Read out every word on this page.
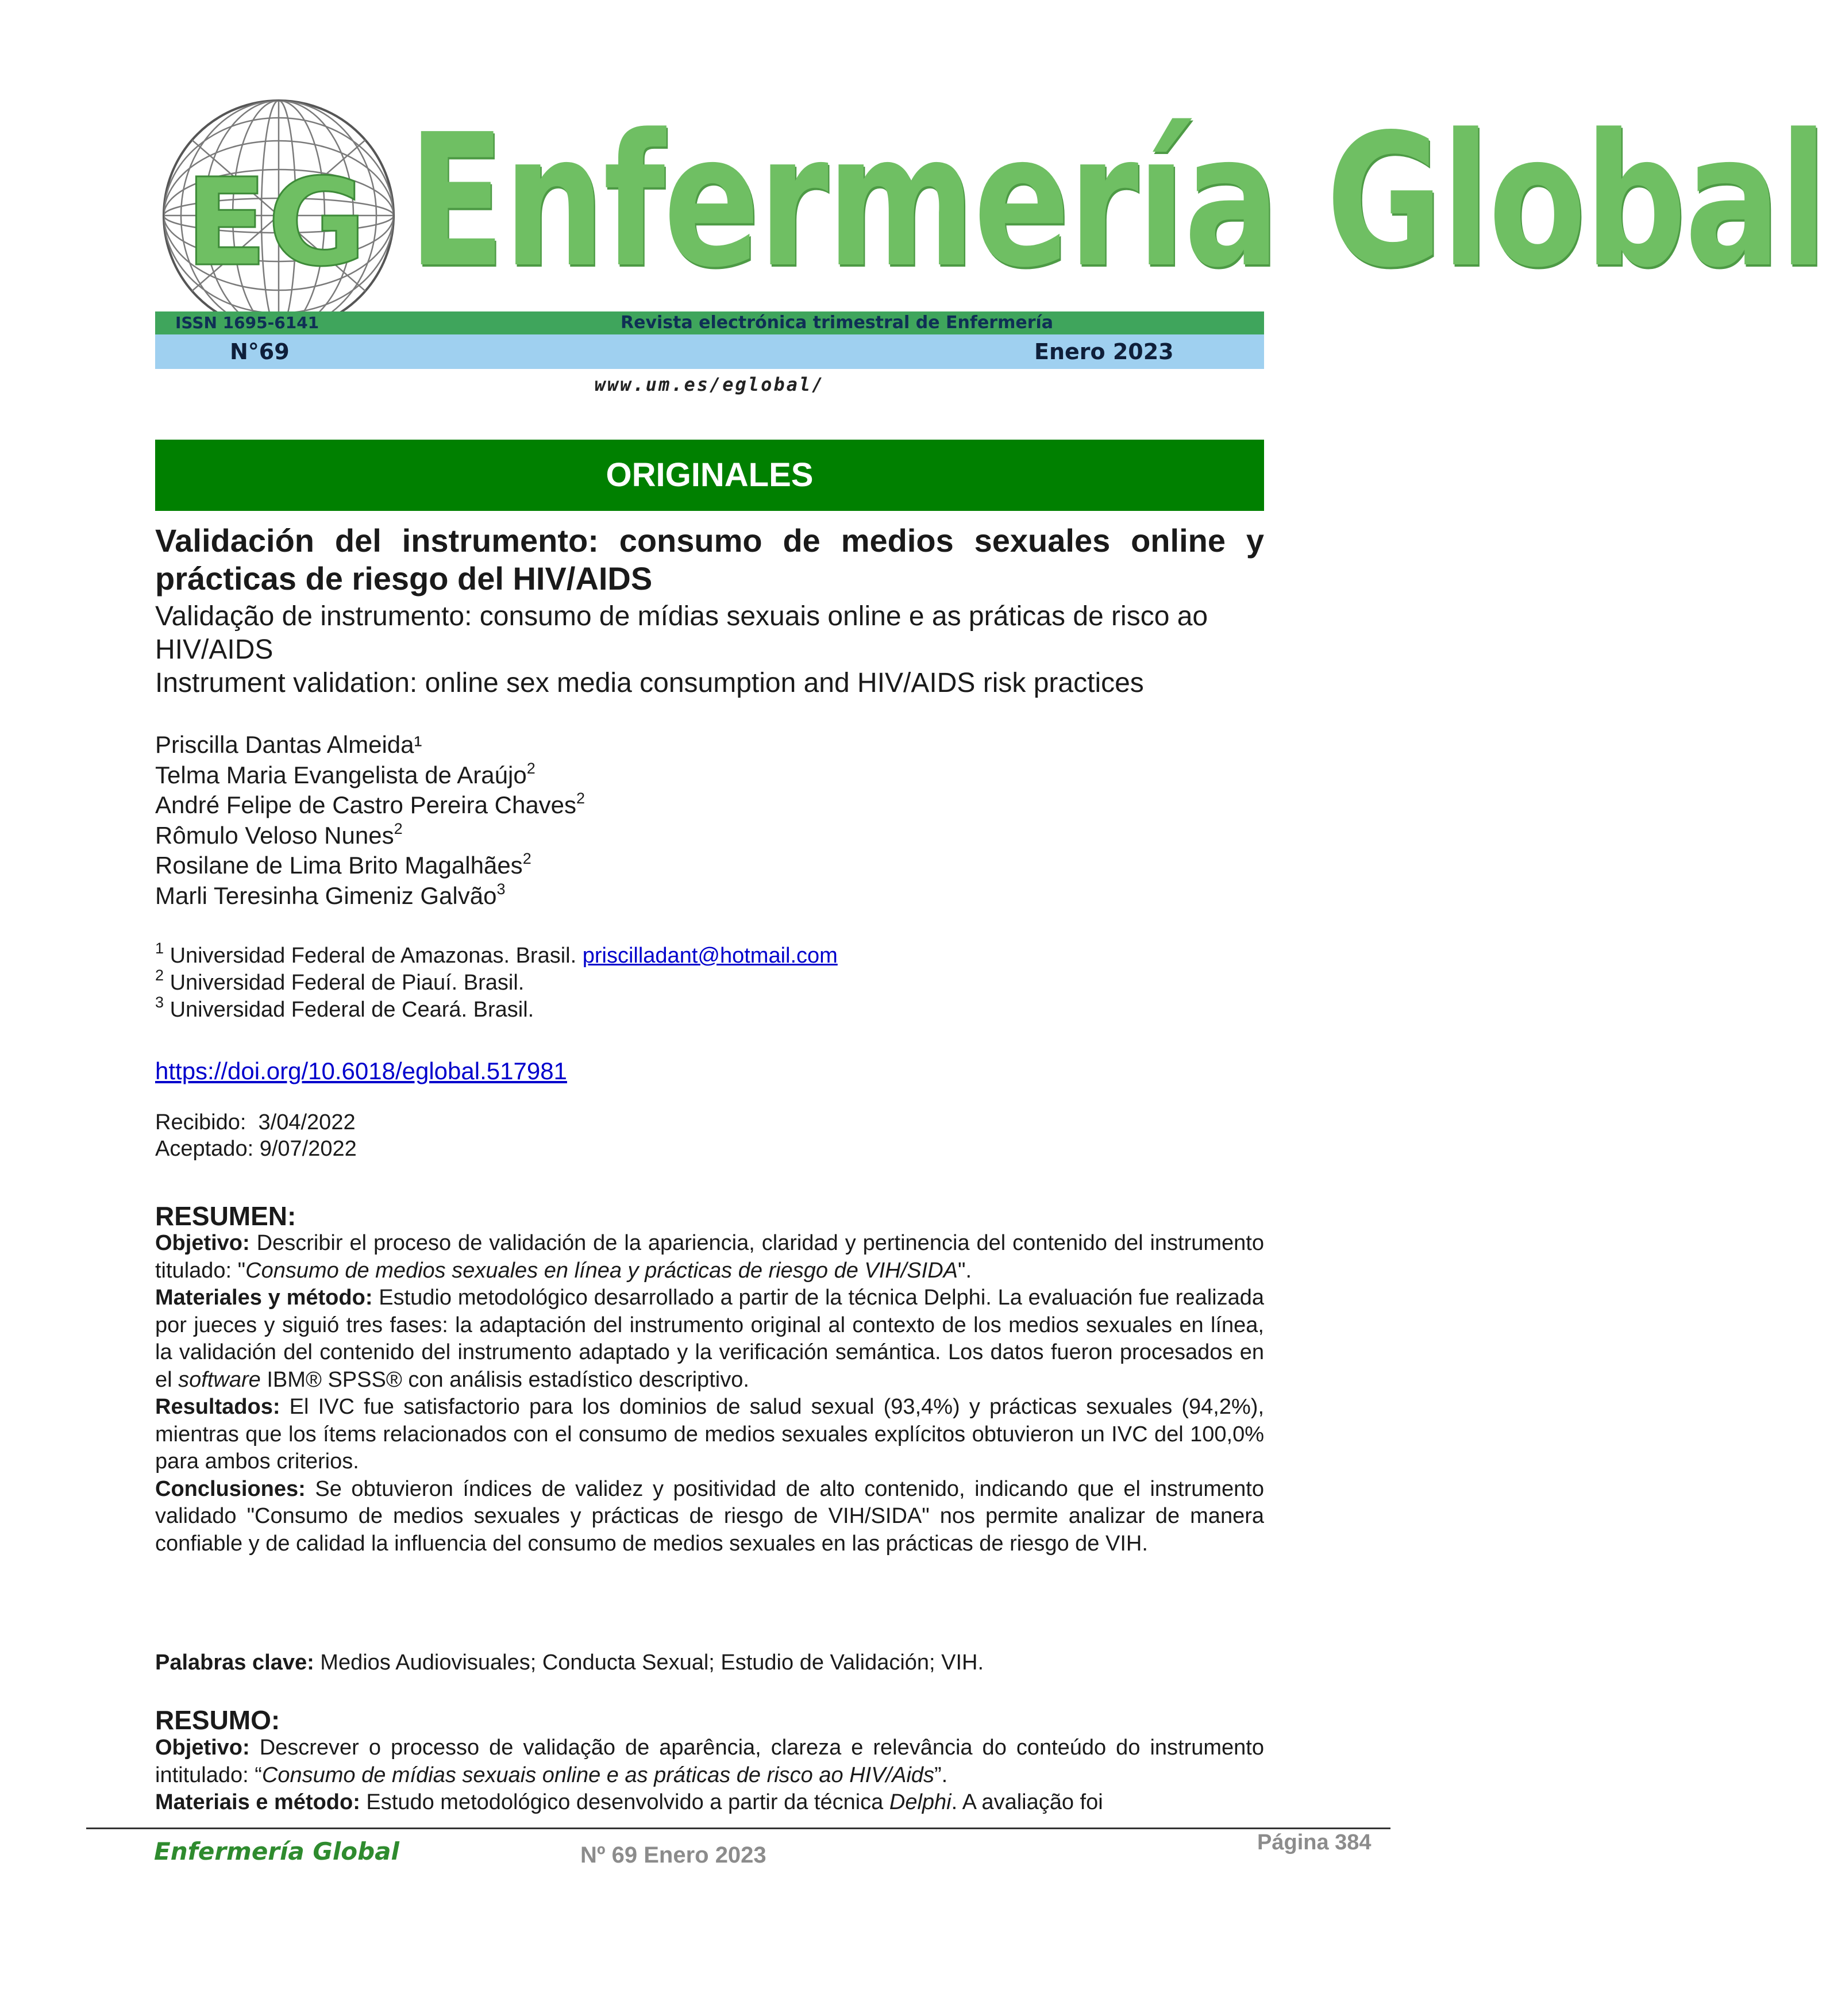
EG Enfermería Global
ISSN 1695-6141	Revista electrónica trimestral de Enfermería
N°69	Enero 2023
www.um.es/eglobal/
ORIGINALES
Validación del instrumento: consumo de medios sexuales online y prácticas de riesgo del HIV/AIDS
Validação de instrumento: consumo de mídias sexuais online e as práticas de risco ao HIV/AIDS
Instrument validation: online sex media consumption and HIV/AIDS risk practices
Priscilla Dantas Almeida¹
Telma Maria Evangelista de Araújo$^2$
André Felipe de Castro Pereira Chaves$^2$
Rômulo Veloso Nunes$^2$
Rosilane de Lima Brito Magalhães$^2$
Marli Teresinha Gimeniz Galvão$^3$
$^1$ Universidad Federal de Amazonas. Brasil. priscilladant@hotmail.com
$^2$ Universidad Federal de Piauí. Brasil.
$^3$ Universidad Federal de Ceará. Brasil.
https://doi.org/10.6018/eglobal.517981
Recibido:  3/04/2022
Aceptado: 9/07/2022
RESUMEN:

Objetivo: Describir el proceso de validación de la apariencia, claridad y pertinencia del contenido del instrumento titulado: "Consumo de medios sexuales en línea y prácticas de riesgo de VIH/SIDA".

Materiales y método: Estudio metodológico desarrollado a partir de la técnica Delphi. La evaluación fue realizada por jueces y siguió tres fases: la adaptación del instrumento original al contexto de los medios sexuales en línea, la validación del contenido del instrumento adaptado y la verificación semántica. Los datos fueron procesados en el software IBM® SPSS® con análisis estadístico descriptivo.

Resultados: El IVC fue satisfactorio para los dominios de salud sexual (93,4%) y prácticas sexuales (94,2%), mientras que los ítems relacionados con el consumo de medios sexuales explícitos obtuvieron un IVC del 100,0% para ambos criterios.

Conclusiones: Se obtuvieron índices de validez y positividad de alto contenido, indicando que el instrumento validado "Consumo de medios sexuales y prácticas de riesgo de VIH/SIDA" nos permite analizar de manera confiable y de calidad la influencia del consumo de medios sexuales en las prácticas de riesgo de VIH.

Palabras clave: Medios Audiovisuales; Conducta Sexual; Estudio de Validación; VIH.
RESUMO:

Objetivo: Descrever o processo de validação de aparência, clareza e relevância do conteúdo do instrumento intitulado: “Consumo de mídias sexuais online e as práticas de risco ao HIV/Aids”.

Materiais e método: Estudo metodológico desenvolvido a partir da técnica Delphi. A avaliação foi

Enfermería Global	Nº 69 Enero 2023	Página 384
